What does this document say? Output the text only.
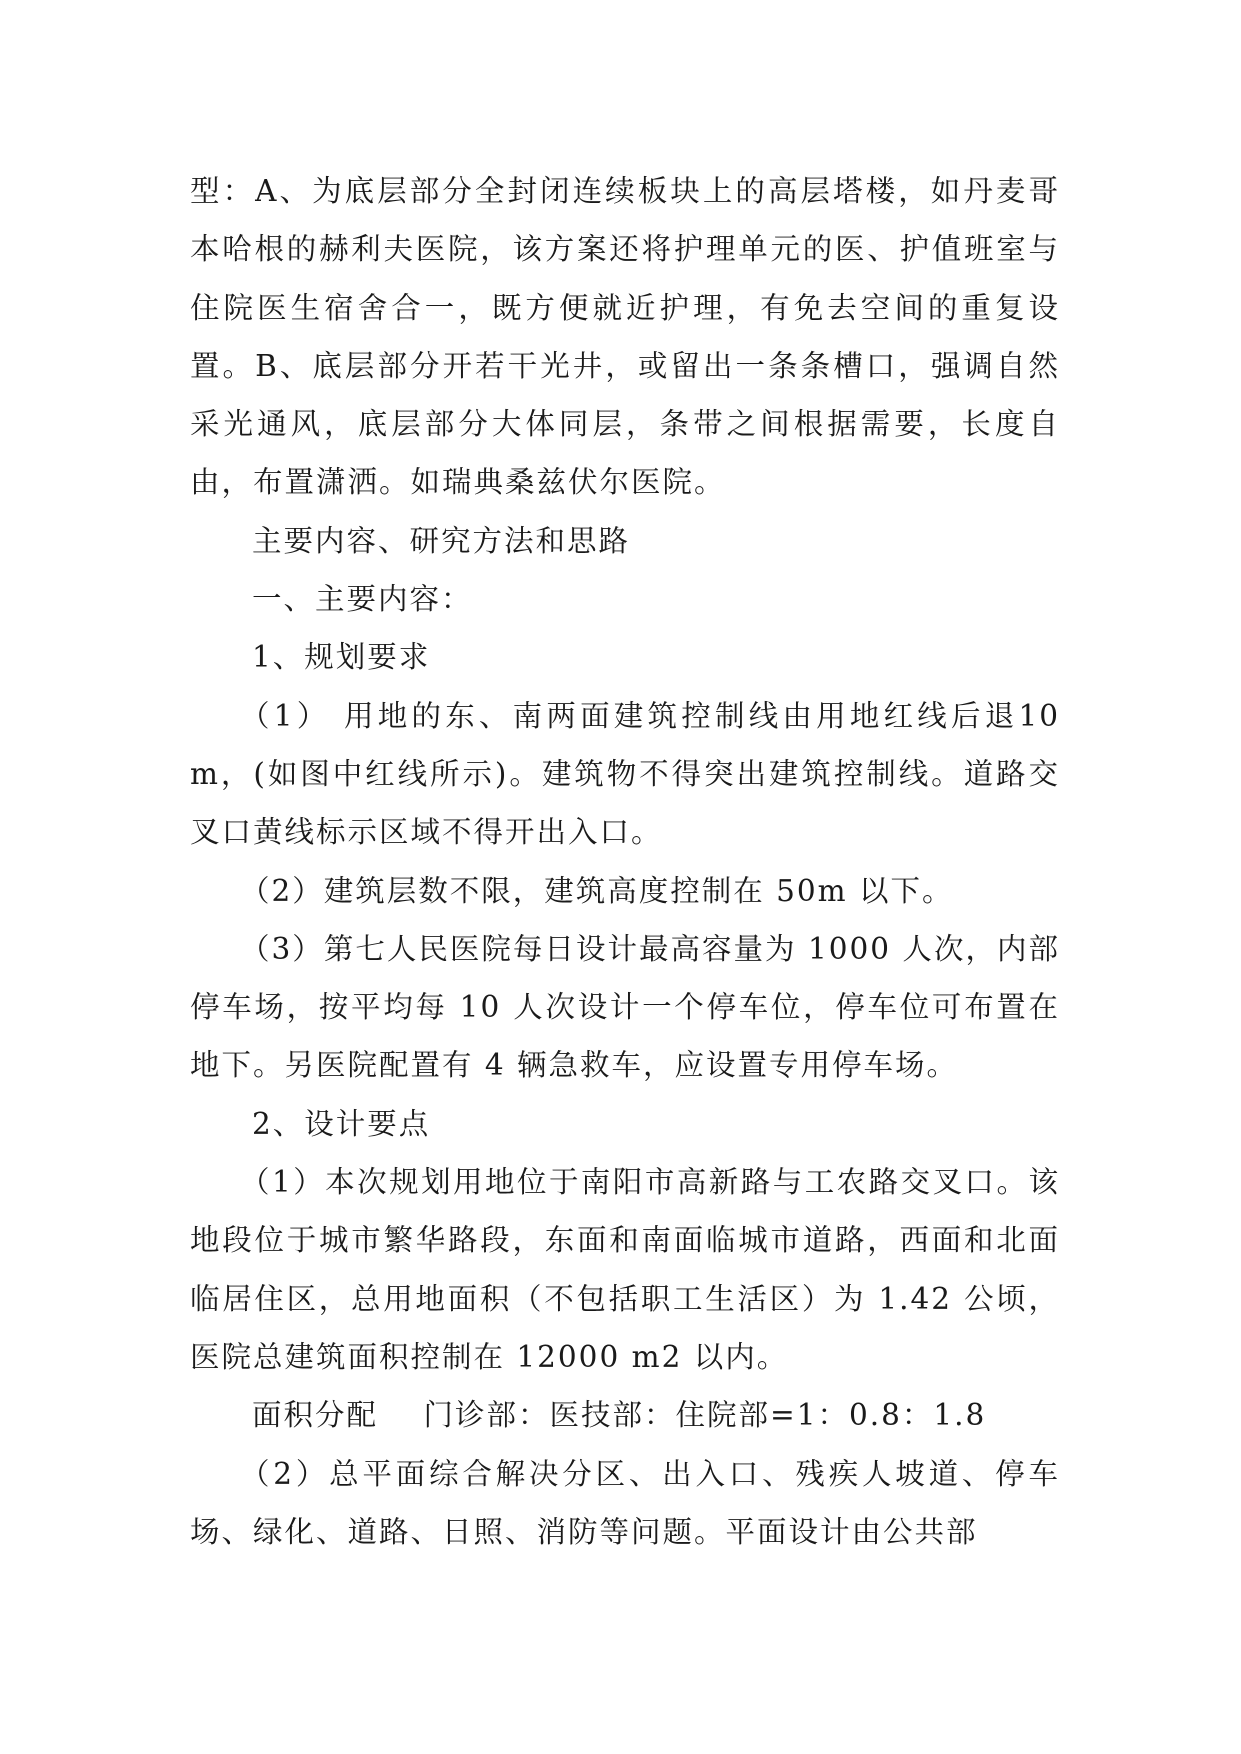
型：A、为底层部分全封闭连续板块上的高层塔楼，如丹麦哥本哈根的赫利夫医院，该方案还将护理单元的医、护值班室与住院医生宿舍合一，既方便就近护理，有免去空间的重复设置。B、底层部分开若干光井，或留出一条条槽口，强调自然采光通风，底层部分大体同层，条带之间根据需要，长度自由，布置潇洒。如瑞典桑兹伏尔医院。

主要内容、研究方法和思路

一、主要内容：

1、规划要求

（1） 用地的东、南两面建筑控制线由用地红线后退10m，(如图中红线所示)。建筑物不得突出建筑控制线。道路交叉口黄线标示区域不得开出入口。

（2）建筑层数不限，建筑高度控制在 50m 以下。

（3）第七人民医院每日设计最高容量为 1000 人次，内部停车场，按平均每 10 人次设计一个停车位，停车位可布置在地下。另医院配置有 4 辆急救车，应设置专用停车场。

2、设计要点

（1）本次规划用地位于南阳市高新路与工农路交叉口。该地段位于城市繁华路段，东面和南面临城市道路，西面和北面临居住区，总用地面积（不包括职工生活区）为 1.42 公顷，医院总建筑面积控制在 12000 m2 以内。

面积分配    门诊部：医技部：住院部=1：0.8：1.8

（2）总平面综合解决分区、出入口、残疾人坡道、停车场、绿化、道路、日照、消防等问题。平面设计由公共部
